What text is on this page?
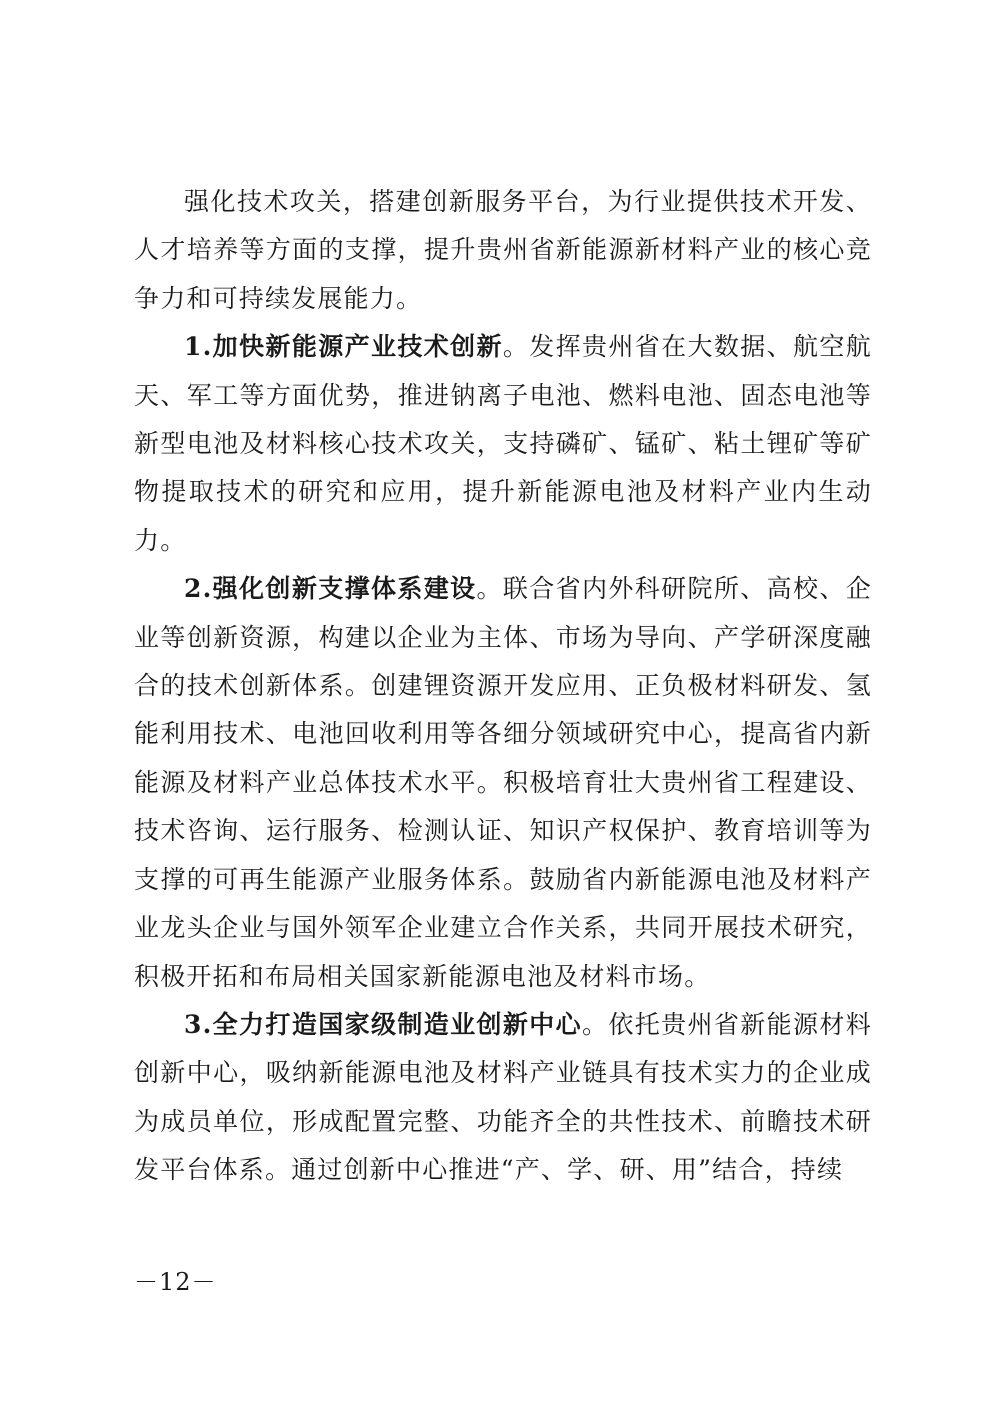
强化技术攻关，搭建创新服务平台，为行业提供技术开发、人才培养等方面的支撑，提升贵州省新能源新材料产业的核心竞争力和可持续发展能力。

1.加快新能源产业技术创新。发挥贵州省在大数据、航空航天、军工等方面优势，推进钠离子电池、燃料电池、固态电池等新型电池及材料核心技术攻关，支持磷矿、锰矿、粘土锂矿等矿物提取技术的研究和应用，提升新能源电池及材料产业内生动力。

2.强化创新支撑体系建设。联合省内外科研院所、高校、企业等创新资源，构建以企业为主体、市场为导向、产学研深度融合的技术创新体系。创建锂资源开发应用、正负极材料研发、氢能利用技术、电池回收利用等各细分领域研究中心，提高省内新能源及材料产业总体技术水平。积极培育壮大贵州省工程建设、技术咨询、运行服务、检测认证、知识产权保护、教育培训等为支撑的可再生能源产业服务体系。鼓励省内新能源电池及材料产业龙头企业与国外领军企业建立合作关系，共同开展技术研究，积极开拓和布局相关国家新能源电池及材料市场。

3.全力打造国家级制造业创新中心。依托贵州省新能源材料创新中心，吸纳新能源电池及材料产业链具有技术实力的企业成为成员单位，形成配置完整、功能齐全的共性技术、前瞻技术研发平台体系。通过创新中心推进“产、学、研、用”结合，持续

－12－
